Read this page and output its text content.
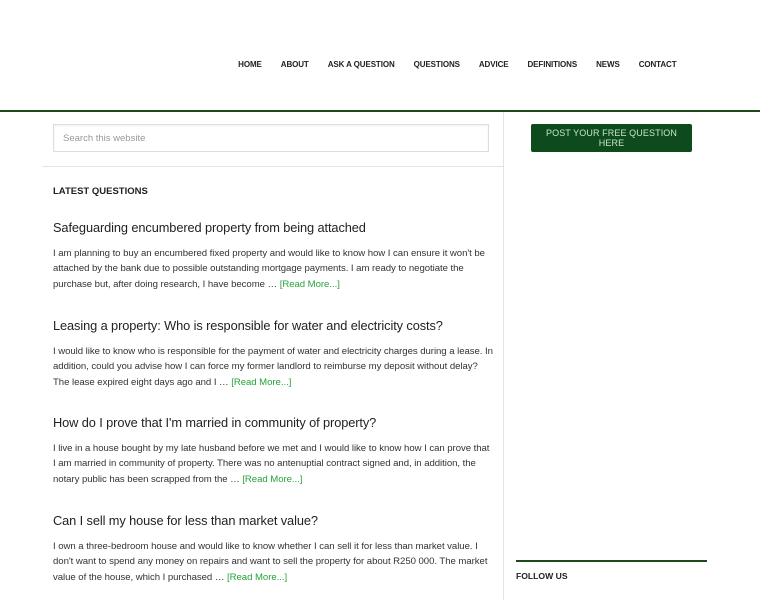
HOME	ABOUT	ASK A QUESTION	QUESTIONS	ADVICE	DEFINITIONS	NEWS	CONTACT
Search this website
LATEST QUESTIONS
Safeguarding encumbered property from being attached

I am planning to buy an encumbered fixed property and would like to know how I can ensure it won't be attached by the bank due to possible outstanding mortgage payments. I am ready to negotiate the purchase but, after doing research, I have become … [Read More...]

Leasing a property: Who is responsible for water and electricity costs?

I would like to know who is responsible for the payment of water and electricity charges during a lease. In addition, could you advise how I can force my former landlord to reimburse my deposit without delay? The lease expired eight days ago and I … [Read More...]

How do I prove that I'm married in community of property?

I live in a house bought by my late husband before we met and I would like to know how I can prove that I am married in community of property. There was no antenuptial contract signed and, in addition, the notary public has been scrapped from the … [Read More...]

Can I sell my house for less than market value?

I own a three-bedroom house and would like to know whether I can sell it for less than market value. I don't want to spend any money on repairs and want to sell the property for about R250 000. The market value of the house, which I purchased … [Read More...]

POST YOUR FREE QUESTION HERE
FOLLOW US
